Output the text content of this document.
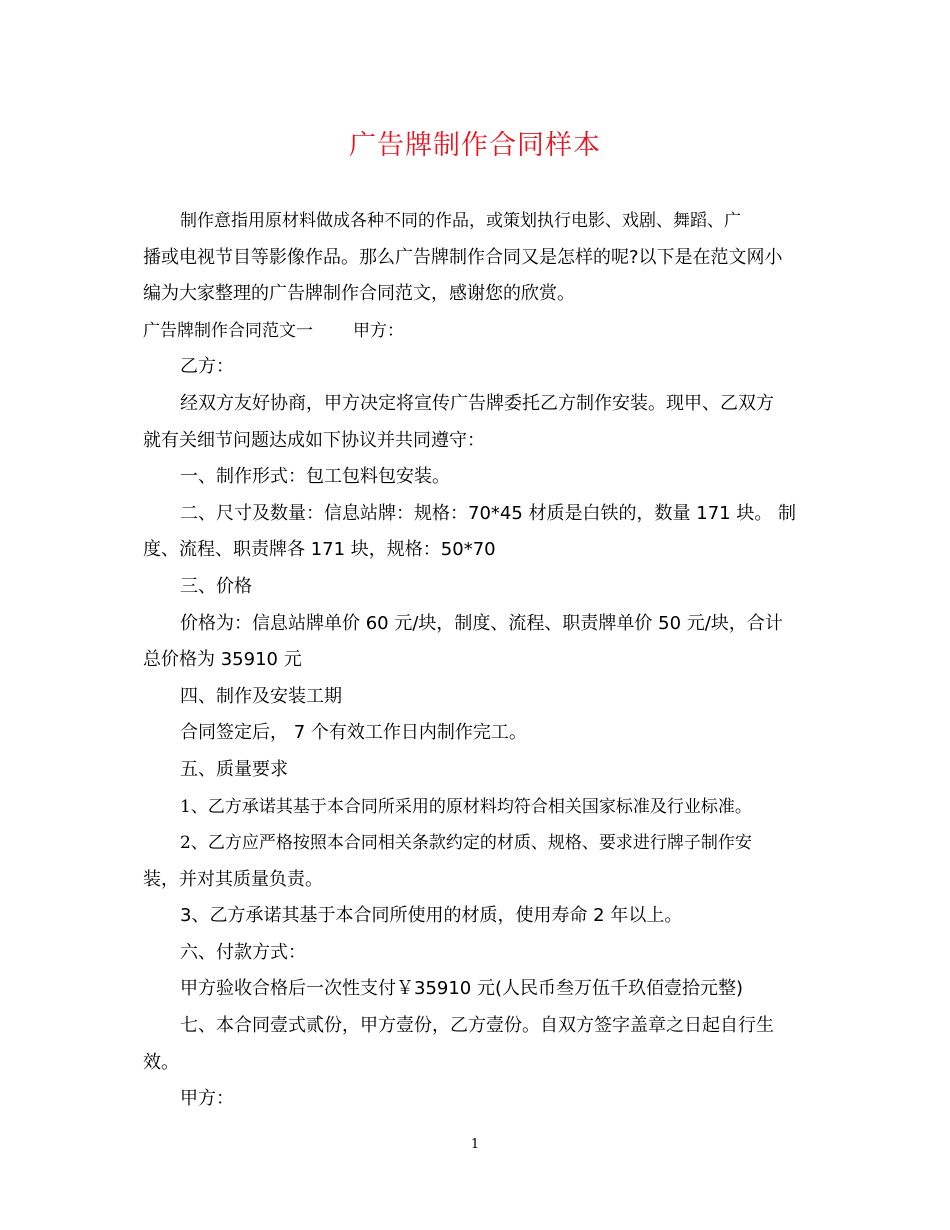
广告牌制作合同样本
制作意指用原材料做成各种不同的作品，或策划执行电影、戏剧、舞蹈、广
播或电视节目等影像作品。那么广告牌制作合同又是怎样的呢?以下是在范文网小
编为大家整理的广告牌制作合同范文，感谢您的欣赏。
广告牌制作合同范文一 甲方：
乙方：
经双方友好协商，甲方决定将宣传广告牌委托乙方制作安装。现甲、乙双方
就有关细节问题达成如下协议并共同遵守：
一、制作形式：包工包料包安装。
二、尺寸及数量：信息站牌：规格：70*45 材质是白铁的，数量 171 块。 制
度、流程、职责牌各 171 块，规格：50*70
三、价格
价格为：信息站牌单价 60 元/块，制度、流程、职责牌单价 50 元/块，合计
总价格为 35910 元
四、制作及安装工期
合同签定后， 7 个有效工作日内制作完工。
五、质量要求
1、乙方承诺其基于本合同所采用的原材料均符合相关国家标准及行业标准。
2、乙方应严格按照本合同相关条款约定的材质、规格、要求进行牌子制作安
装，并对其质量负责。
3、乙方承诺其基于本合同所使用的材质，使用寿命 2 年以上。
六、付款方式：
甲方验收合格后一次性支付￥35910 元(人民币叁万伍千玖佰壹拾元整)
七、本合同壹式贰份，甲方壹份，乙方壹份。自双方签字盖章之日起自行生
效。
甲方：
1
